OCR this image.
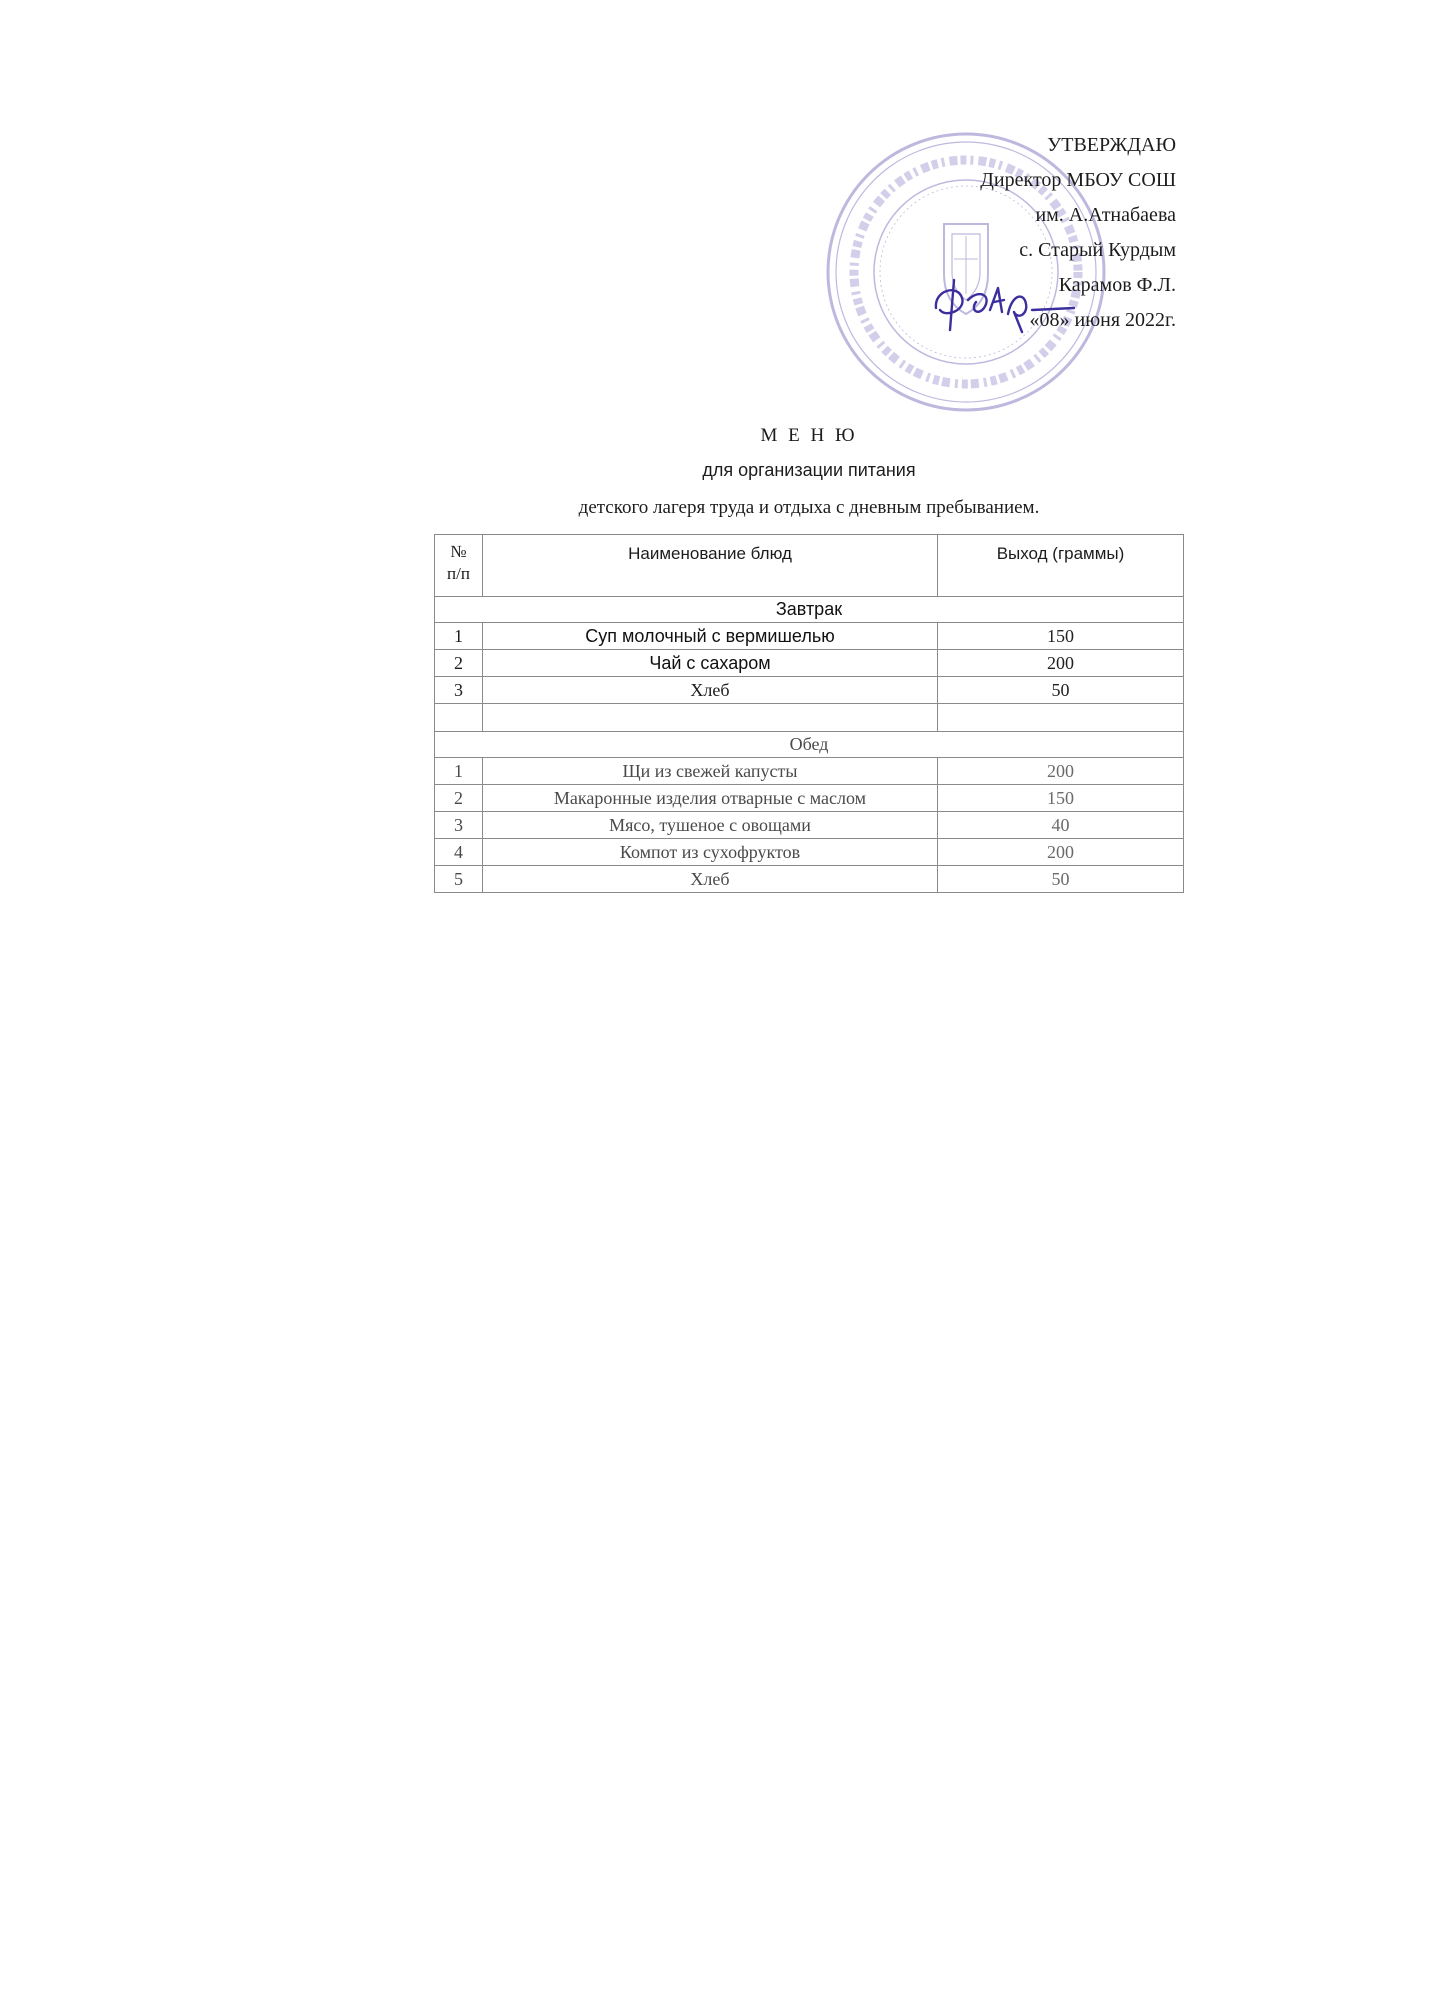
УТВЕРЖДАЮ
Директор МБОУ СОШ
им. А.Атнабаева
с. Старый Курдым
Карамов Ф.Л.
«08» июня 2022г.
М Е Н Ю
для организации питания
детского лагеря труда и отдыха с дневным пребыванием.
№
п/п	Наименование блюд	Выход (граммы)
Завтрак		
1	Суп молочный с вермишелью	150
2	Чай с сахаром	200
3	Хлеб	50

Обед		
1	Щи из свежей капусты	200
2	Макаронные изделия отварные с маслом	150
3	Мясо, тушеное с овощами	40
4	Компот из сухофруктов	200
5	Хлеб	50
